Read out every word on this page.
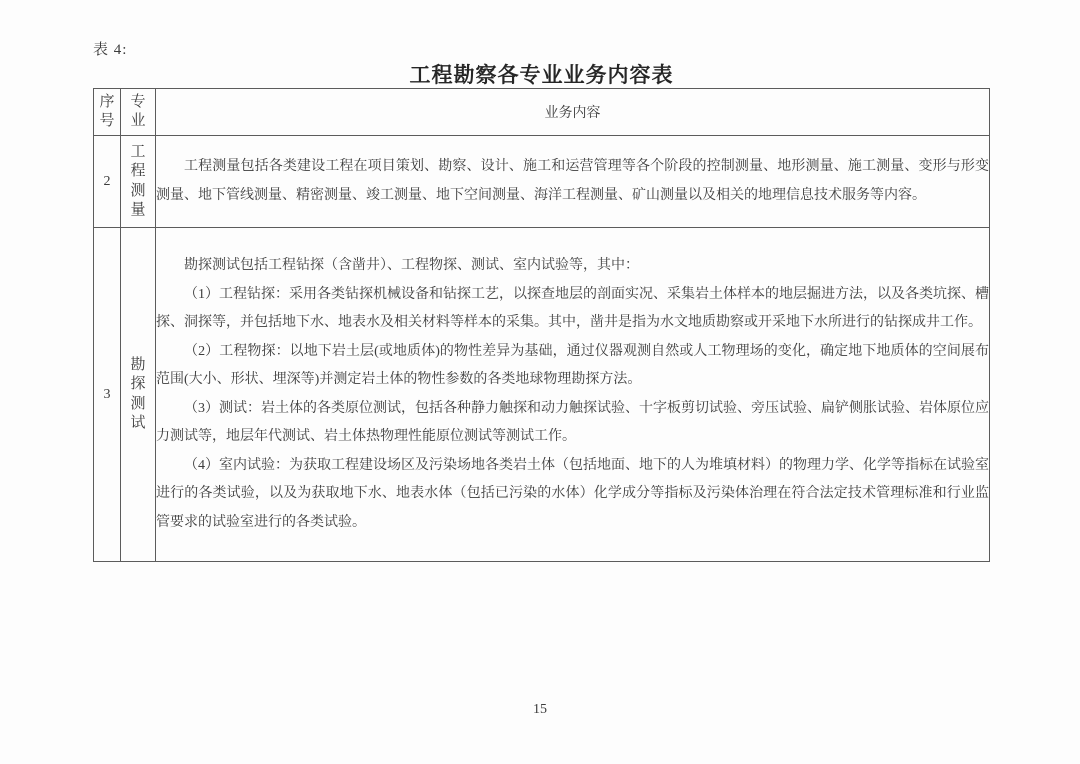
表 4:
工程勘察各专业业务内容表
序号	专业	业务内容
2	工程测量	工程测量包括各类建设工程在项目策划、勘察、设计、施工和运营管理等各个阶段的控制测量、地形测量、施工测量、变形与形变测量、地下管线测量、精密测量、竣工测量、地下空间测量、海洋工程测量、矿山测量以及相关的地理信息技术服务等内容。

3	勘探测试	勘探测试包括工程钻探（含凿井）、工程物探、测试、室内试验等，其中：

（1）工程钻探：采用各类钻探机械设备和钻探工艺，以探查地层的剖面实况、采集岩土体样本的地层掘进方法，以及各类坑探、槽探、洞探等，并包括地下水、地表水及相关材料等样本的采集。其中，凿井是指为水文地质勘察或开采地下水所进行的钻探成井工作。

（2）工程物探：以地下岩土层(或地质体)的物性差异为基础，通过仪器观测自然或人工物理场的变化，确定地下地质体的空间展布范围(大小、形状、埋深等)并测定岩土体的物性参数的各类地球物理勘探方法。

（3）测试：岩土体的各类原位测试，包括各种静力触探和动力触探试验、十字板剪切试验、旁压试验、扁铲侧胀试验、岩体原位应力测试等，地层年代测试、岩土体热物理性能原位测试等测试工作。

（4）室内试验：为获取工程建设场区及污染场地各类岩土体（包括地面、地下的人为堆填材料）的物理力学、化学等指标在试验室进行的各类试验，以及为获取地下水、地表水体（包括已污染的水体）化学成分等指标及污染体治理在符合法定技术管理标准和行业监管要求的试验室进行的各类试验。

15
